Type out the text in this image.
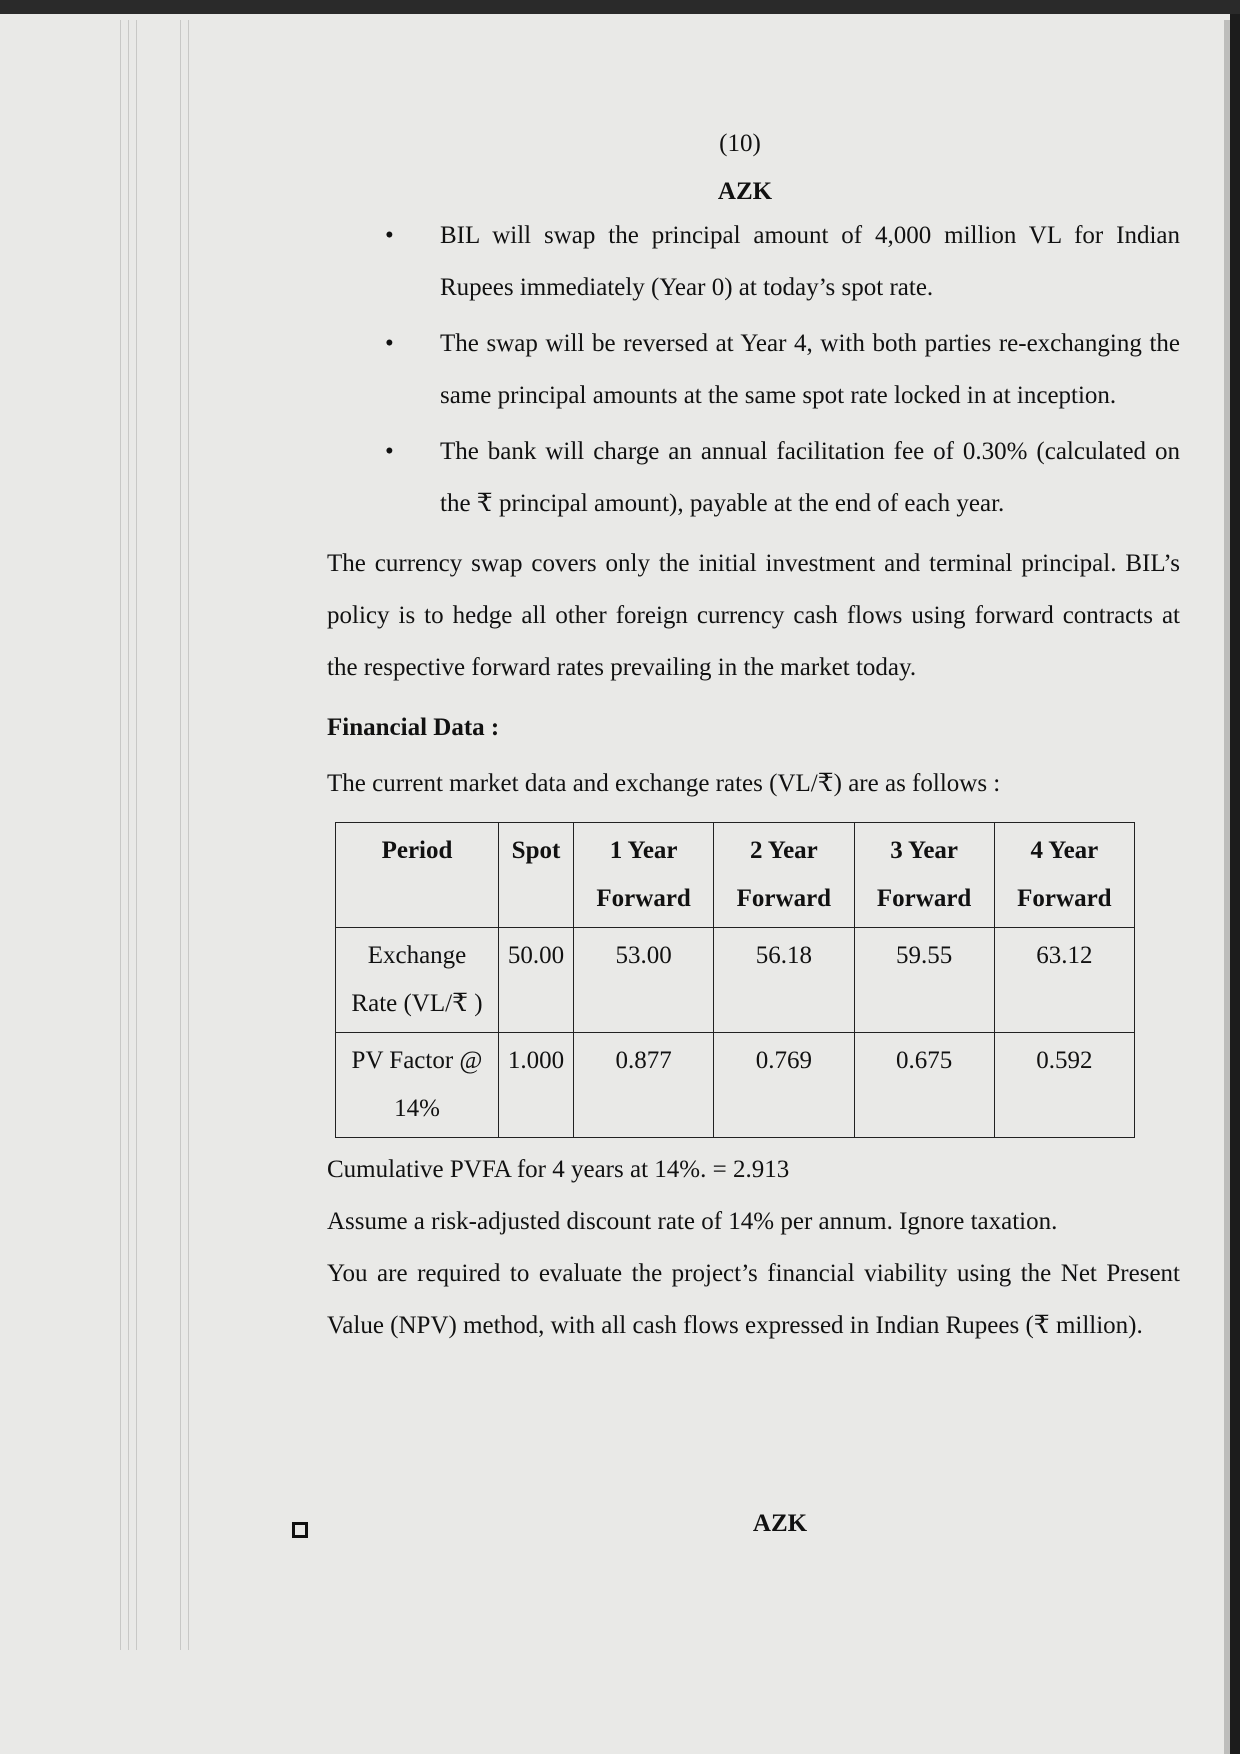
(10)
AZK
• BIL will swap the principal amount of 4,000 million VL for Indian Rupees immediately (Year 0) at today’s spot rate.
• The swap will be reversed at Year 4, with both parties re-exchanging the same principal amounts at the same spot rate locked in at inception.
• The bank will charge an annual facilitation fee of 0.30% (calculated on the ₹ principal amount), payable at the end of each year.
The currency swap covers only the initial investment and terminal principal. BIL’s policy is to hedge all other foreign currency cash flows using forward contracts at the respective forward rates prevailing in the market today.
Financial Data :
The current market data and exchange rates (VL/₹) are as follows :
Period	Spot	1 Year Forward	2 Year Forward	3 Year Forward	4 Year Forward
Exchange Rate (VL/₹ )	50.00	53.00	56.18	59.55	63.12
PV Factor @ 14%	1.000	0.877	0.769	0.675	0.592
Cumulative PVFA for 4 years at 14%. = 2.913
Assume a risk-adjusted discount rate of 14% per annum. Ignore taxation.
You are required to evaluate the project’s financial viability using the Net Present Value (NPV) method, with all cash flows expressed in Indian Rupees (₹ million).
AZK
